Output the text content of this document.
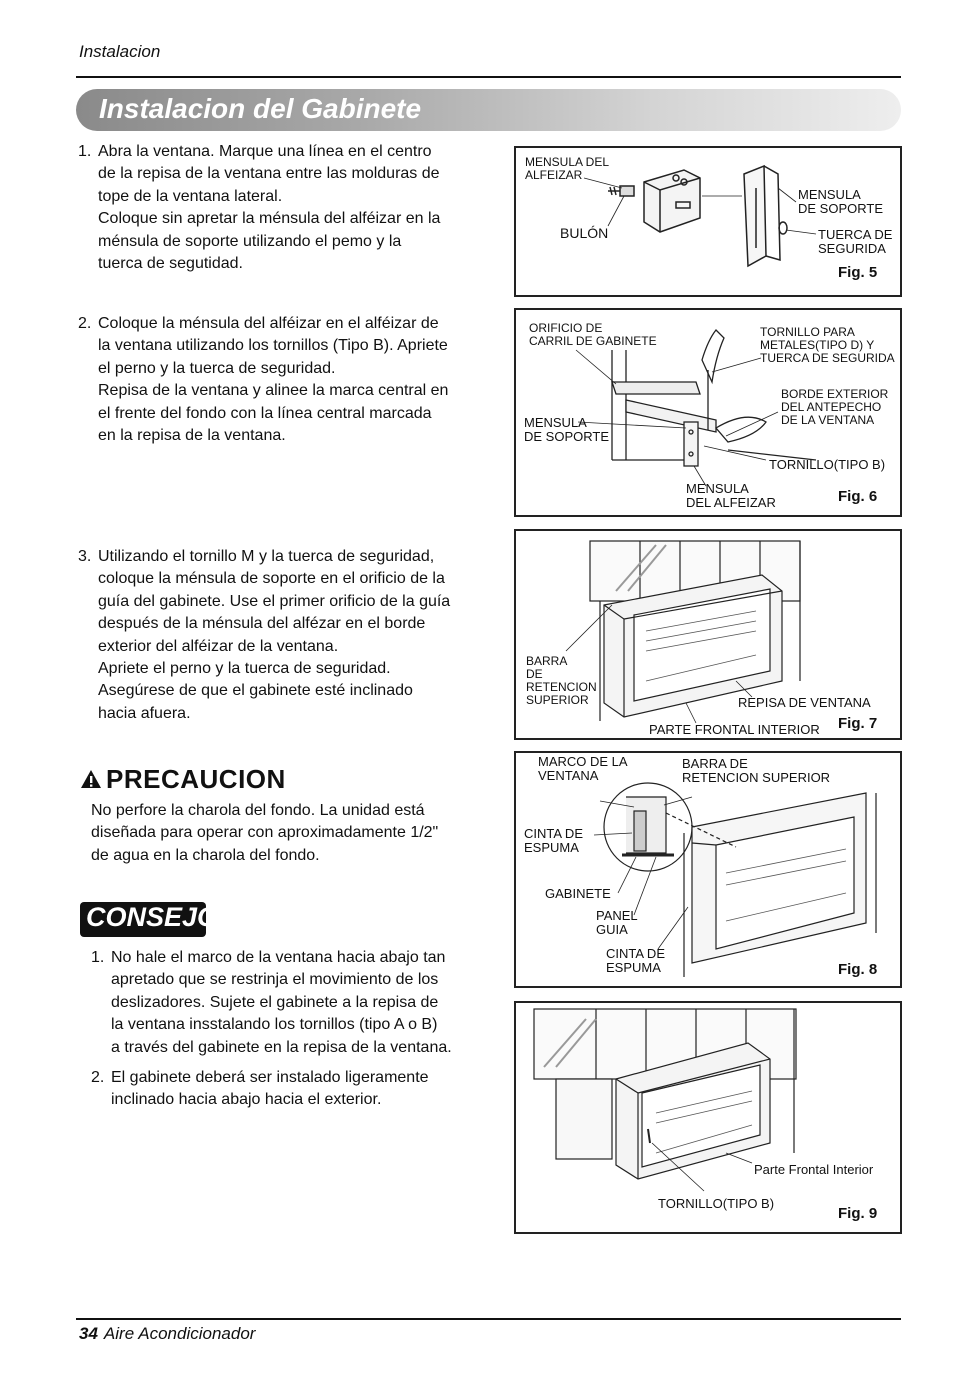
Instalacion
Instalacion del Gabinete
1. Abra la ventana. Marque una línea en el centro
de la repisa de la ventana entre las molduras de
tope de la ventana lateral.
Coloque sin apretar la ménsula del alféizar en la
ménsula de soporte utilizando el pemo y la
tuerca de segutidad.
2. Coloque la ménsula del alféizar en el alféizar de
la ventana utilizando los tornillos (Tipo B). Apriete
el perno y la tuerca de seguridad.
Repisa de la ventana y alinee la marca central en
el frente del fondo con la línea central marcada
en la repisa de la ventana.
3. Utilizando el tornillo M y la tuerca de seguridad,
coloque la ménsula de soporte en el orificio de la
guía del gabinete. Use el primer orificio de la guía
después de la ménsula del alfézar en el borde
exterior del alféizar de la ventana.
Apriete el perno y la tuerca de seguridad.
Asegúrese de que el gabinete esté inclinado
hacia afuera.
PRECAUCION
No perfore la charola del fondo. La unidad está
diseñada para operar con aproximadamente 1/2"
de agua en la charola del fondo.
CONSEJO
1. No hale el marco de la ventana hacia abajo tan
apretado que se restrinja el movimiento de los
deslizadores. Sujete el gabinete a la repisa de
la ventana insstalando los tornillos (tipo A o B)
a través del gabinete en la repisa de la ventana.
2. El gabinete deberá ser instalado ligeramente
inclinado hacia abajo hacia el exterior.
MENSULA DEL
ALFEIZAR
BULÓN
MENSULA
DE SOPORTE
TUERCA DE
SEGURIDA
Fig. 5
ORIFICIO DE
CARRIL DE GABINETE
TORNILLO PARA
METALES(TIPO D) Y
TUERCA DE SEGURIDA
BORDE EXTERIOR
DEL ANTEPECHO
DE LA VENTANA
MENSULA
DE SOPORTE
TORNILLO(TIPO B)
MENSULA
DEL ALFEIZAR	Fig. 6
BARRA
DE
RETENCION
SUPERIOR	REPISA DE VENTANA
PARTE FRONTAL INTERIOR Fig. 7
MARCO DE LA
VENTANA
BARRA DE
RETENCION SUPERIOR
CINTA DE
ESPUMA
GABINETE
PANEL
GUIA
CINTA DE
ESPUMA	Fig. 8
Parte Frontal Interior
TORNILLO(TIPO B)
Fig. 9
34 Aire Acondicionador
